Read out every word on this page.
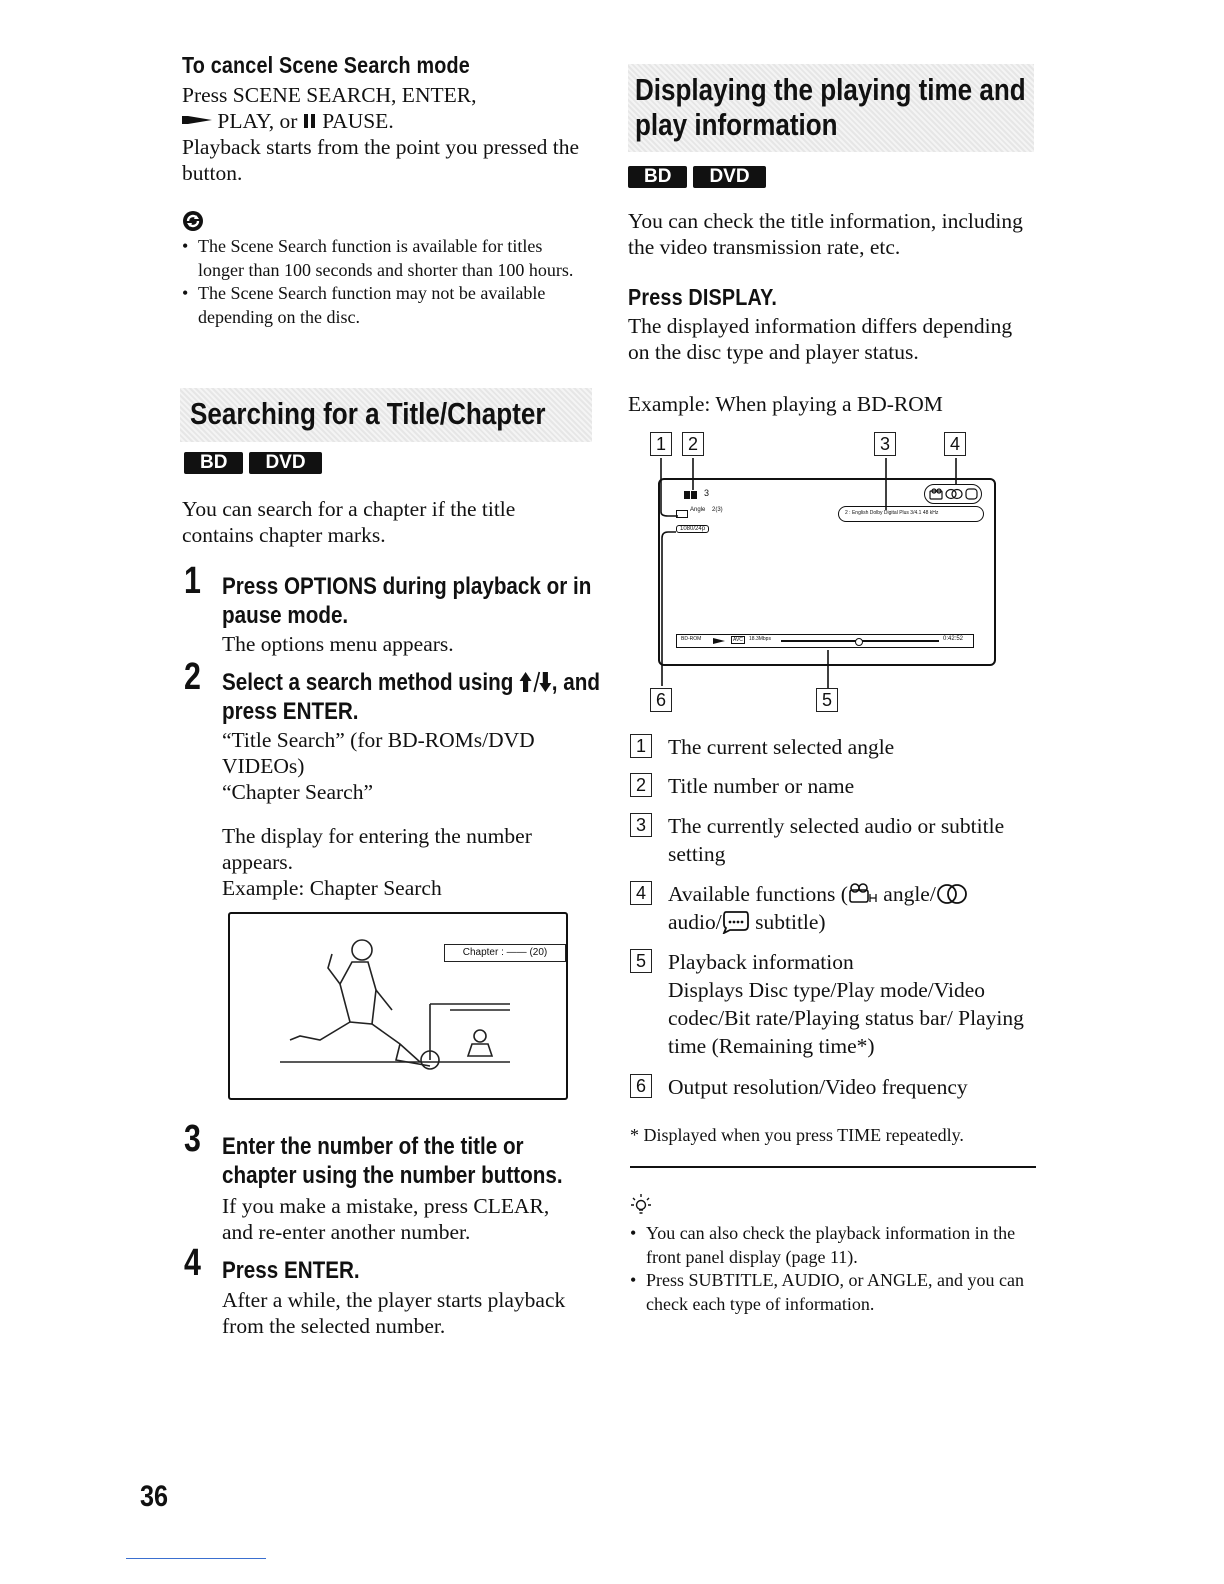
To cancel Scene Search mode
Press SCENE SEARCH, ENTER,
PLAY, or PAUSE.
Playback starts from the point you pressed the button.
• The Scene Search function is available for titles longer than 100 seconds and shorter than 100 hours.
• The Scene Search function may not be available depending on the disc.
Searching for a Title/Chapter
BD	DVD
You can search for a chapter if the title contains chapter marks.
1 Press OPTIONS during playback or in pause mode.
The options menu appears.
2 Select a search method using , and press ENTER.
“Title Search” (for BD-ROMs/DVD VIDEOs)
“Chapter Search”
The display for entering the number appears.
Example: Chapter Search
Chapter : —— (20)
3 Enter the number of the title or chapter using the number buttons.
If you make a mistake, press CLEAR, and re-enter another number.
4 Press ENTER.
After a while, the player starts playback from the selected number.
Displaying the playing time and
play information
BD	DVD
You can check the title information, including the video transmission rate, etc.
Press DISPLAY.
The displayed information differs depending on the disc type and player status.
Example: When playing a BD-ROM
1	2	3	4
3
Angle 2(3)
1080/24p
2 : English Dolby Digital Plus 3/4.1 48 kHz
BD-ROM	AVC	18.3Mbps	0:42:52
6	5
1 The current selected angle
2 Title number or name
3 The currently selected audio or subtitle setting
4 Available functions ( angle/
audio/ subtitle)
5 Playback information
Displays Disc type/Play mode/Video codec/Bit rate/Playing status bar/ Playing time (Remaining time*)
6 Output resolution/Video frequency
* Displayed when you press TIME repeatedly.
• You can also check the playback information in the front panel display (page 11).
• Press SUBTITLE, AUDIO, or ANGLE, and you can check each type of information.
36
